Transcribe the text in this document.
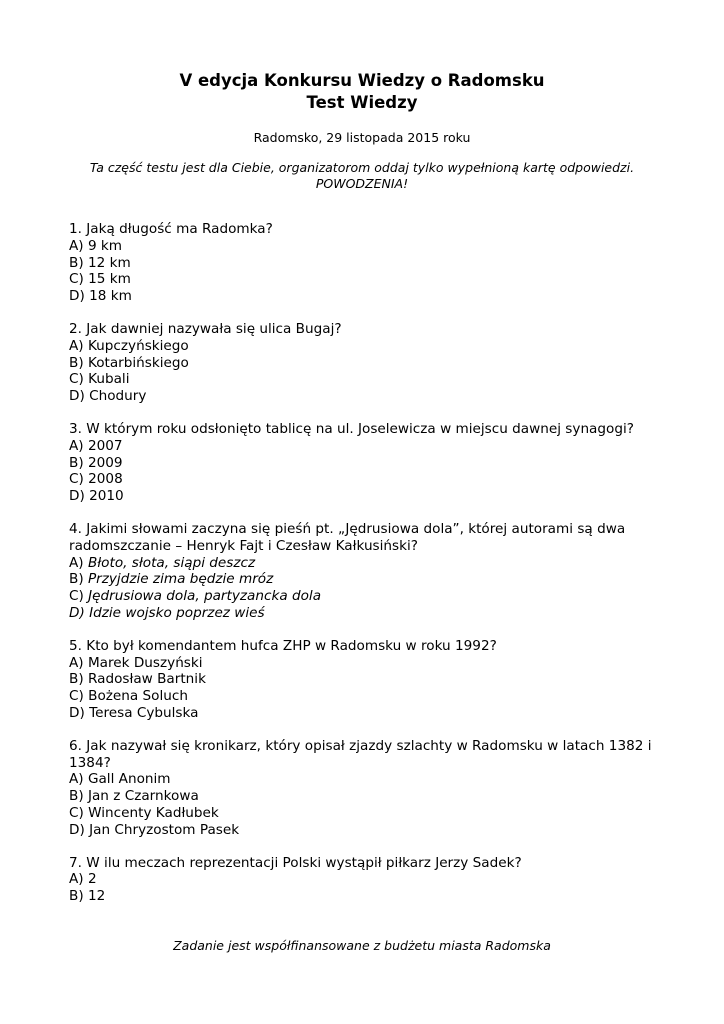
V edycja Konkursu Wiedzy o Radomsku
Test Wiedzy
Radomsko, 29 listopada 2015 roku
Ta część testu jest dla Ciebie, organizatorom oddaj tylko wypełnioną kartę odpowiedzi.
POWODZENIA!
1. Jaką długość ma Radomka?
A) 9 km
B) 12 km
C) 15 km
D) 18 km
2. Jak dawniej nazywała się ulica Bugaj?
A) Kupczyńskiego
B) Kotarbińskiego
C) Kubali
D) Chodury
3. W którym roku odsłonięto tablicę na ul. Joselewicza w miejscu dawnej synagogi?
A) 2007
B) 2009
C) 2008
D) 2010
4. Jakimi słowami zaczyna się pieśń pt. „Jędrusiowa dola”, której autorami są dwa radomszczanie – Henryk Fajt i Czesław Kałkusiński?
A) Błoto, słota, siąpi deszcz
B) Przyjdzie zima będzie mróz
C) Jędrusiowa dola, partyzancka dola
D) Idzie wojsko poprzez wieś
5. Kto był komendantem hufca ZHP w Radomsku w roku 1992?
A) Marek Duszyński
B) Radosław Bartnik
C) Bożena Soluch
D) Teresa Cybulska
6. Jak nazywał się kronikarz, który opisał zjazdy szlachty w Radomsku w latach 1382 i 1384?
A) Gall Anonim
B) Jan z Czarnkowa
C) Wincenty Kadłubek
D) Jan Chryzostom Pasek
7. W ilu meczach reprezentacji Polski wystąpił piłkarz Jerzy Sadek?
A) 2
B) 12
Zadanie jest współfinansowane z budżetu miasta Radomska
